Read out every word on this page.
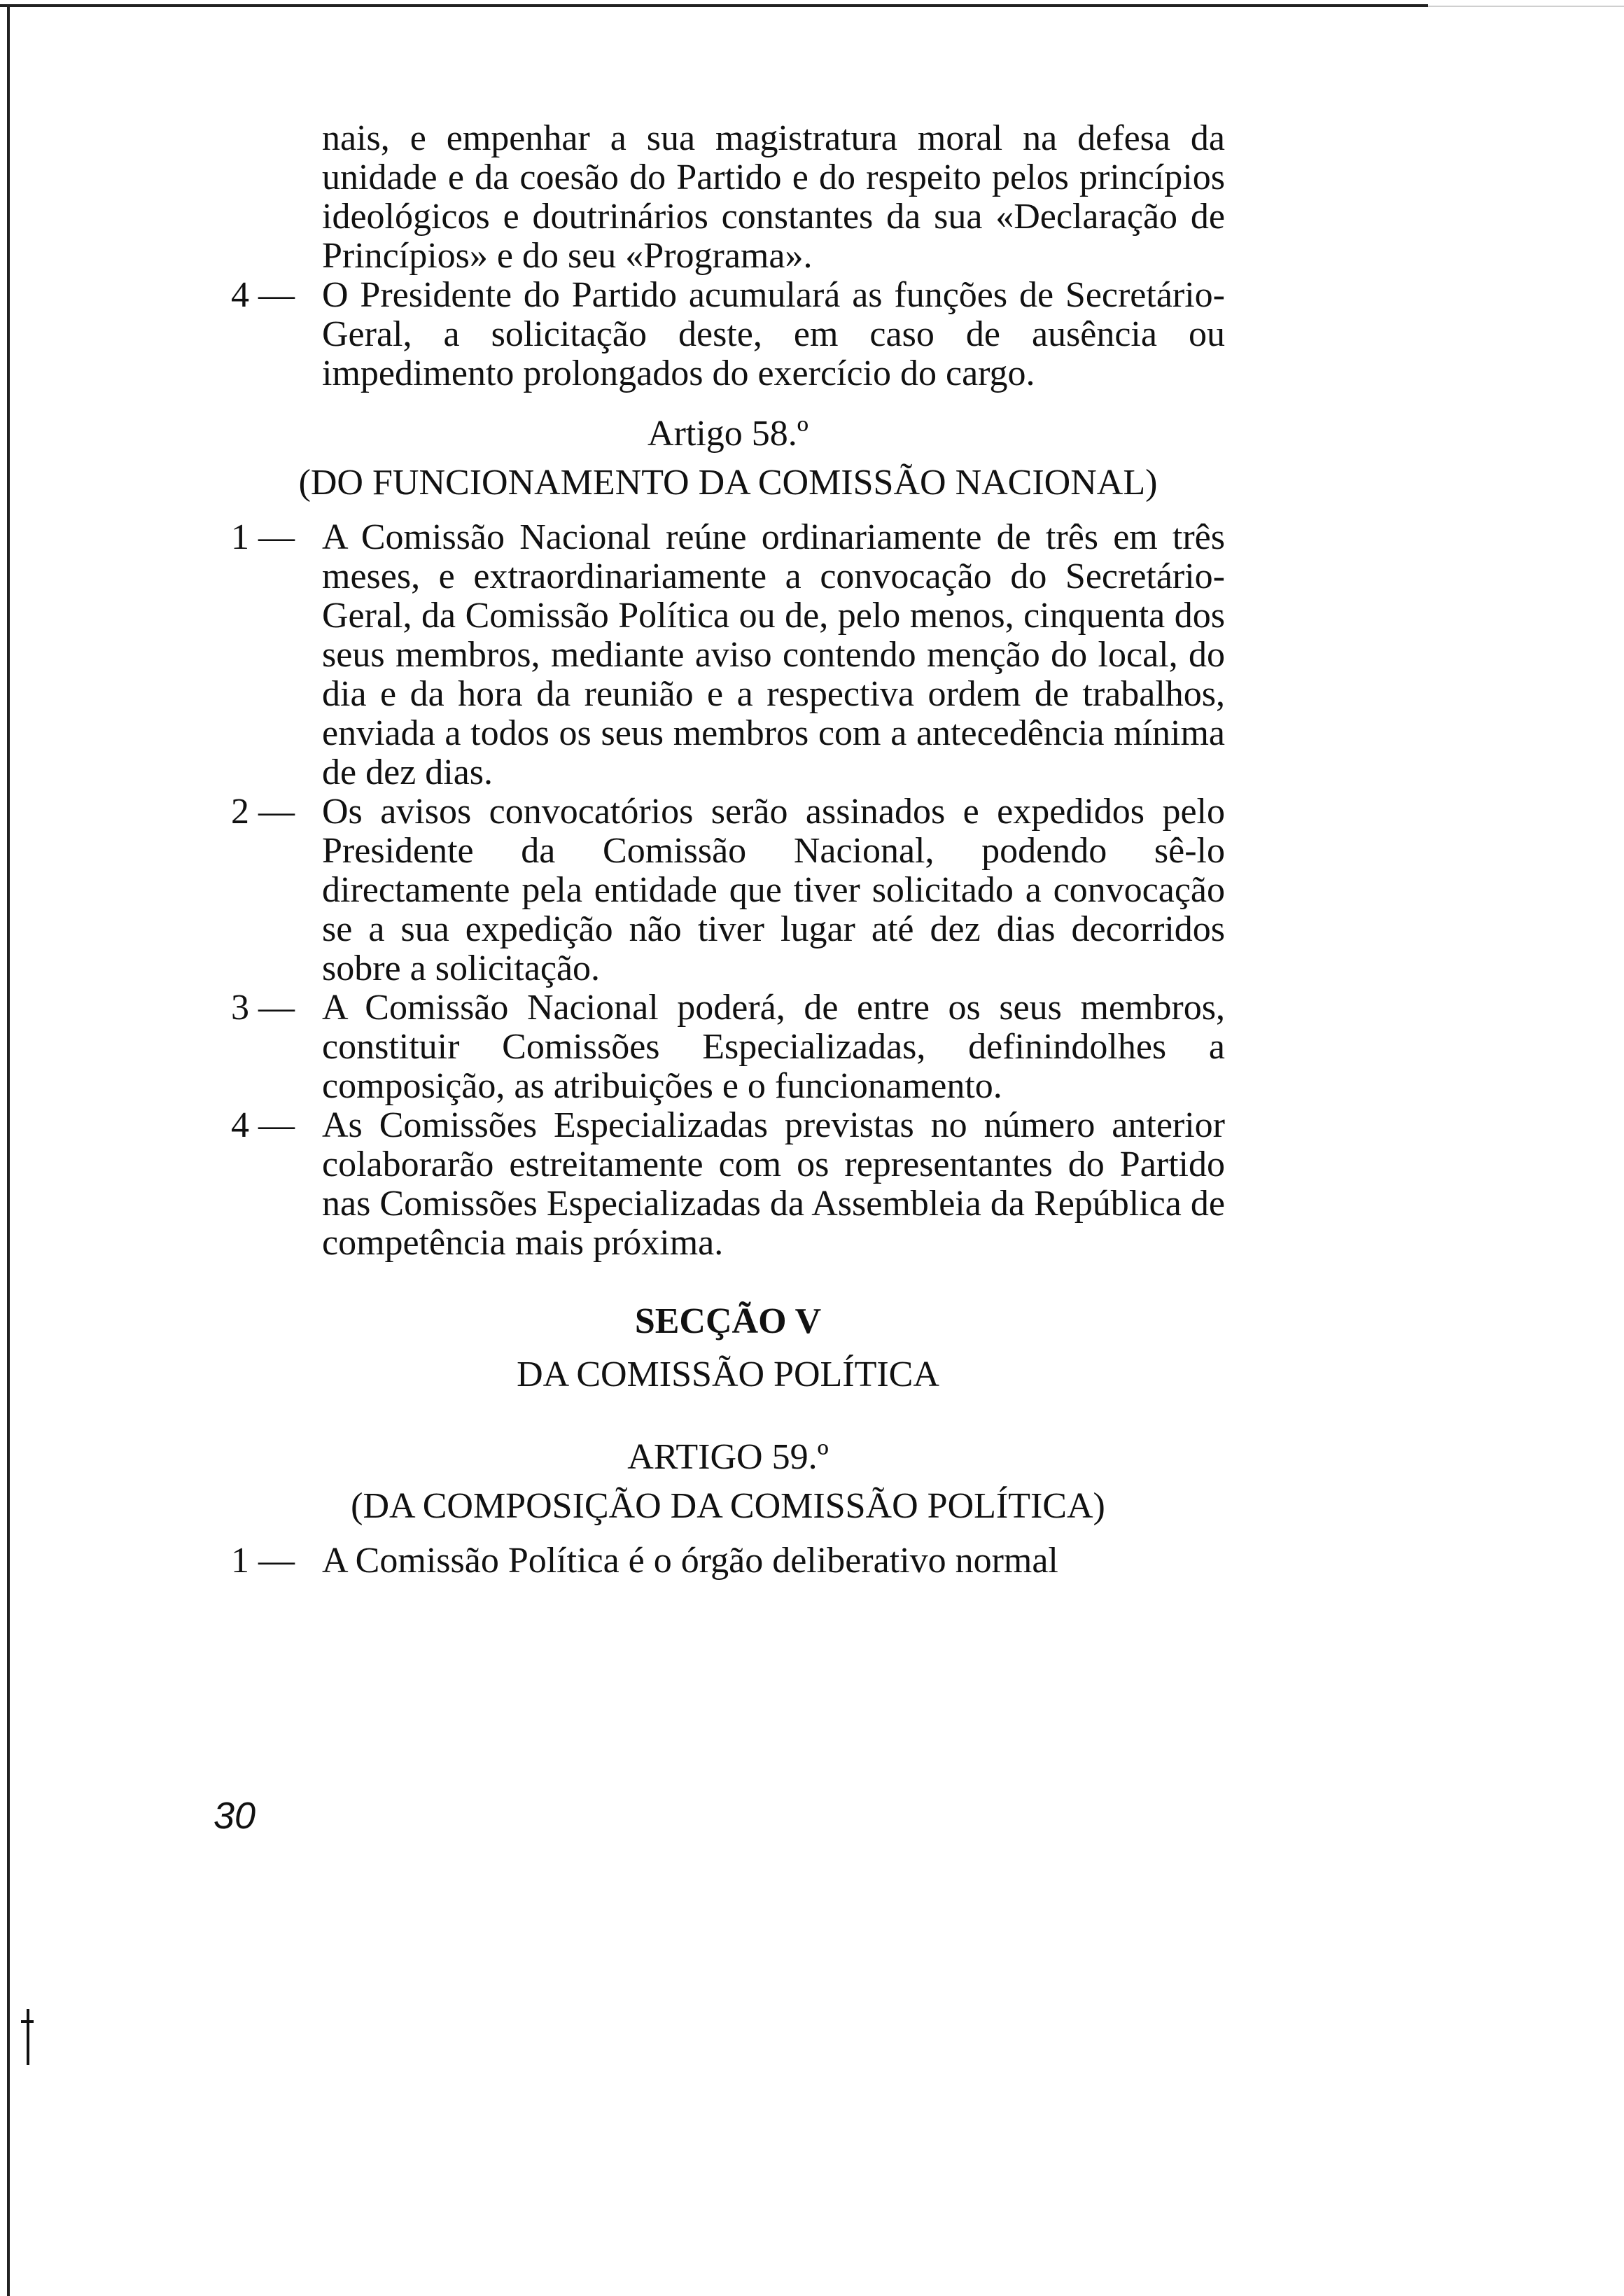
nais, e empenhar a sua magistratura moral na defesa da unidade e da coesão do Partido e do respeito pelos princípios ideológicos e doutrinários constantes da sua «Declaração de Princípios» e do seu «Programa».

4 — O Presidente do Partido acumulará as funções de Secretário-Geral, a solicitação deste, em caso de ausência ou impedimento prolongados do exercício do cargo.

Artigo 58.º

(DO FUNCIONAMENTO DA COMISSÃO NACIONAL)

1 — A Comissão Nacional reúne ordinariamente de três em três meses, e extraordinariamente a convocação do Secretário-Geral, da Comissão Política ou de, pelo menos, cinquenta dos seus membros, mediante aviso contendo menção do local, do dia e da hora da reunião e a respectiva ordem de trabalhos, enviada a todos os seus membros com a antecedência mínima de dez dias.

2 — Os avisos convocatórios serão assinados e expedidos pelo Presidente da Comissão Nacional, podendo sê-lo directamente pela entidade que tiver solicitado a convocação se a sua expedição não tiver lugar até dez dias decorridos sobre a solicitação.

3 — A Comissão Nacional poderá, de entre os seus membros, constituir Comissões Especializadas, definindolhes a composição, as atribuições e o funcionamento.

4 — As Comissões Especializadas previstas no número anterior colaborarão estreitamente com os representantes do Partido nas Comissões Especializadas da Assembleia da República de competência mais próxima.

SECÇÃO V

DA COMISSÃO POLÍTICA

ARTIGO 59.º

(DA COMPOSIÇÃO DA COMISSÃO POLÍTICA)

1 — A Comissão Política é o órgão deliberativo normal

30
